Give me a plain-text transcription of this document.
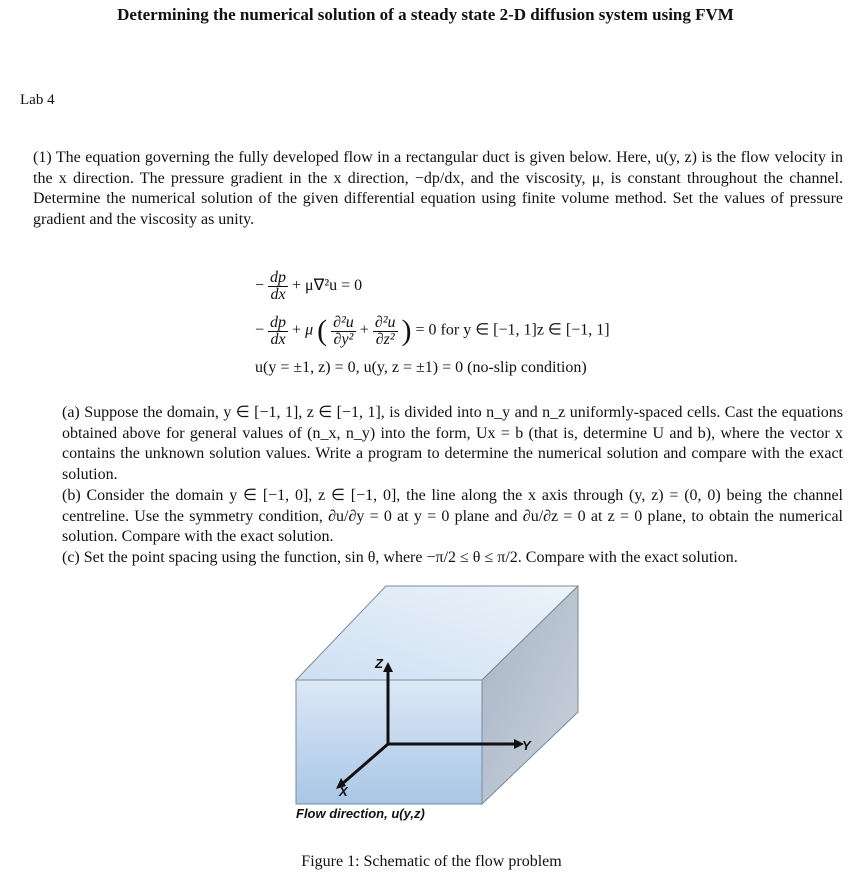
Determining the numerical solution of a steady state 2-D diffusion system using FVM
Lab 4
(1) The equation governing the fully developed flow in a rectangular duct is given below. Here, u(y, z) is the flow velocity in the x direction. The pressure gradient in the x direction, −dp/dx, and the viscosity, μ, is constant throughout the channel. Determine the numerical solution of the given differential equation using finite volume method. Set the values of pressure gradient and the viscosity as unity.
− $\frac{dp}{dx} + \mu\nabla^2u = 0$
− $\frac{dp}{dx} + \mu$ ( $\frac{\text{∂²u}}{\text{∂y²}} + \frac{\text{∂²u}}{\text{∂z²}}$ ) = 0 for y ∈ [−1, 1]z ∈ [−1, 1]
u(y = ±1, z) = 0, u(y, z = ±1) = 0 (no-slip condition)
(a) Suppose the domain, y ∈ [−1, 1], z ∈ [−1, 1], is divided into n_y and n_z uniformly-spaced cells. Cast the equations obtained above for general values of (n_x, n_y) into the form, Ux = b (that is, determine U and b), where the vector x contains the unknown solution values. Write a program to determine the numerical solution and compare with the exact solution.
(b) Consider the domain y ∈ [−1, 0], z ∈ [−1, 0], the line along the x axis through (y, z) = (0, 0) being the channel centreline. Use the symmetry condition, ∂u/∂y = 0 at y = 0 plane and ∂u/∂z = 0 at z = 0 plane, to obtain the numerical solution. Compare with the exact solution.
(c) Set the point spacing using the function, sin θ, where −π/2 ≤ θ ≤ π/2. Compare with the exact solution.
Z
Y
X
Flow direction, u(y,z)
Figure 1: Schematic of the flow problem
